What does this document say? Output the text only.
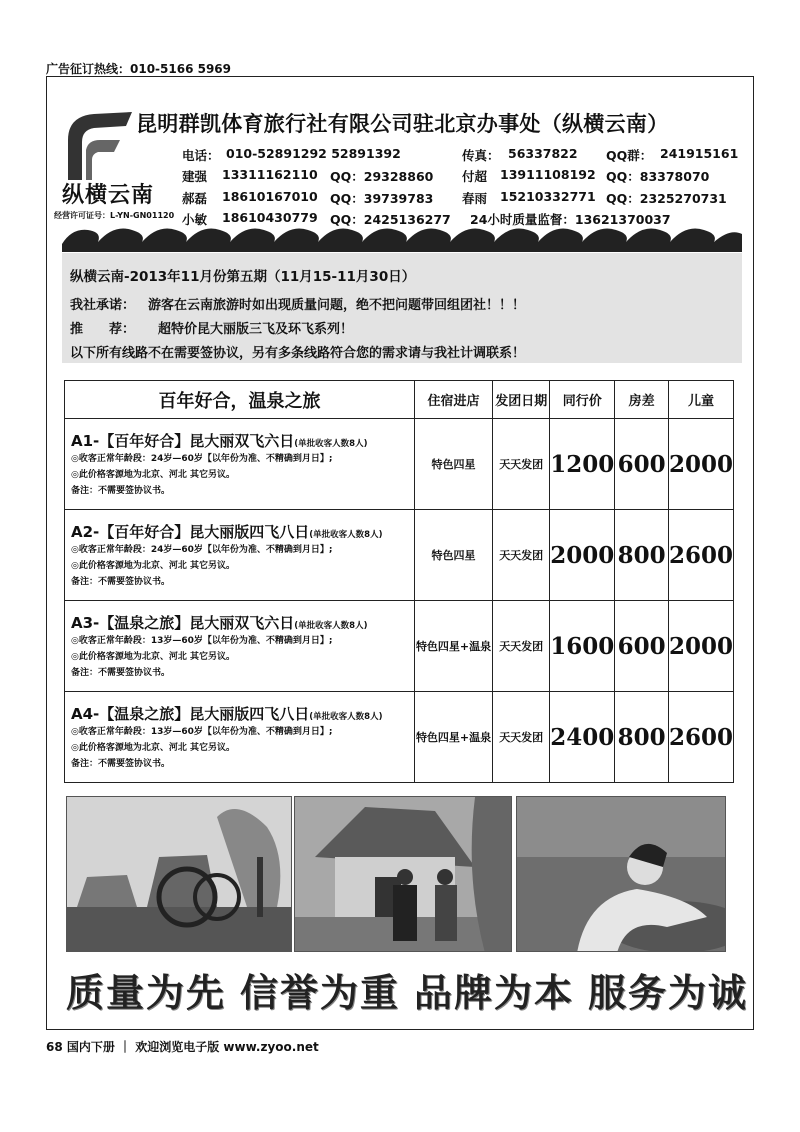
广告征订热线：010-5166 5969
纵横云南
经营许可证号：L-YN-GN01120
昆明群凯体育旅行社有限公司驻北京办事处（纵横云南）
电话： 010-52891292 52891392	传真： 56337822 QQ群： 241915161
建强 13311162110 QQ：29328860 付超 13911108192 QQ：83378070
郝磊 18610167010 QQ：39739783 春雨 15210332771 QQ：2325270731
小敏 18610430779 QQ：2425136277 24小时质量监督：13621370037
纵横云南-2013年11月份第五期（11月15-11月30日）
我社承诺： 游客在云南旅游时如出现质量问题，绝不把问题带回组团社！！！
推　　荐： 超特价昆大丽版三飞及环飞系列！
以下所有线路不在需要签协议，另有多条线路符合您的需求请与我社计调联系！
百年好合，温泉之旅	住宿进店	发团日期	同行价	房差	儿童

A1-【百年好合】昆大丽双飞六日(单批收客人数8人)
◎收客正常年龄段：24岁—60岁【以年份为准、不精确到月日】;
◎此价格客源地为北京、河北 其它另议。
备注：不需要签协议书。	特色四星	天天发团	1200	600	2000

A2-【百年好合】昆大丽版四飞八日(单批收客人数8人)
◎收客正常年龄段：24岁—60岁【以年份为准、不精确到月日】;
◎此价格客源地为北京、河北 其它另议。
备注：不需要签协议书。	特色四星	天天发团	2000	800	2600

A3-【温泉之旅】昆大丽双飞六日(单批收客人数8人)
◎收客正常年龄段：13岁—60岁【以年份为准、不精确到月日】;
◎此价格客源地为北京、河北 其它另议。
备注：不需要签协议书。	特色四星+温泉	天天发团	1600	600	2000

A4-【温泉之旅】昆大丽版四飞八日(单批收客人数8人)
◎收客正常年龄段：13岁—60岁【以年份为准、不精确到月日】;
◎此价格客源地为北京、河北 其它另议。
备注：不需要签协议书。	特色四星+温泉	天天发团	2400	800	2600
质量为先 信誉为重 品牌为本 服务为诚
68 国内下册 ｜ 欢迎浏览电子版 www.zyoo.net
